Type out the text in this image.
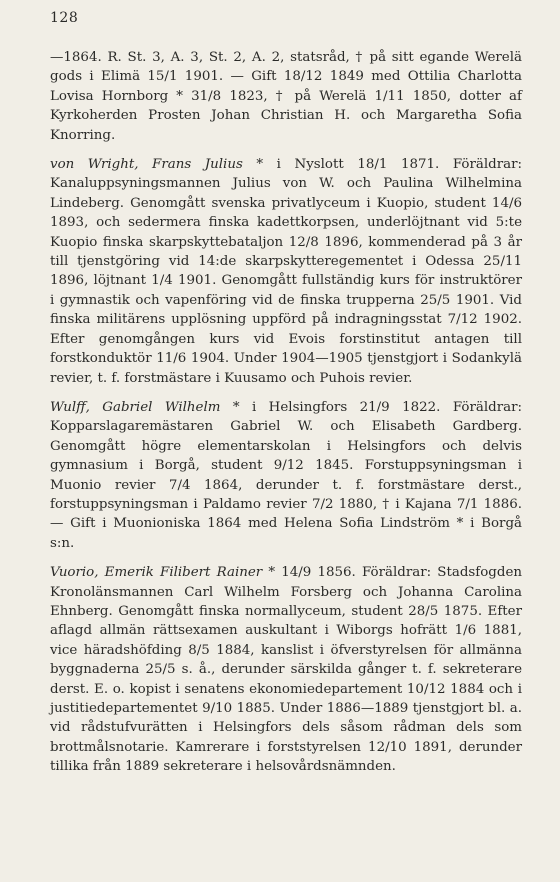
128

—1864. R. St. 3, A. 3, St. 2, A. 2, statsråd, † på sitt egande Werelä gods i Elimä 15/1 1901. — Gift 18/12 1849 med Ottilia Charlotta Lovisa Hornborg * 31/8 1823, † på Werelä 1/11 1850, dotter af Kyrkoherden Prosten Johan Christian H. och Margaretha Sofia Knorring.

von Wright, Frans Julius * i Nyslott 18/1 1871. Föräldrar: Kanaluppsyningsmannen Julius von W. och Paulina Wilhelmina Lindeberg. Genomgått svenska privatlyceum i Kuopio, student 14/6 1893, och sedermera finska kadettkorpsen, underlöjtnant vid 5:te Kuopio finska skarpskyttebataljon 12/8 1896, kommenderad på 3 år till tjenstgöring vid 14:de skarpskytteregementet i Odessa 25/11 1896, löjtnant 1/4 1901. Genomgått fullständig kurs för instruktörer i gymnastik och vapenföring vid de finska trupperna 25/5 1901. Vid finska militärens upplösning uppförd på indragningsstat 7/12 1902. Efter genomgången kurs vid Evois forstinstitut antagen till forstkonduktör 11/6 1904. Under 1904—1905 tjenstgjort i Sodankylä revier, t. f. forstmästare i Kuusamo och Puhois revier.

Wulff, Gabriel Wilhelm * i Helsingfors 21/9 1822. Föräldrar: Kopparslagaremästaren Gabriel W. och Elisabeth Gardberg. Genomgått högre elementarskolan i Helsingfors och delvis gymnasium i Borgå, student 9/12 1845. Forstuppsyningsman i Muonio revier 7/4 1864, derunder t. f. forstmästare derst., forstuppsyningsman i Paldamo revier 7/2 1880, † i Kajana 7/1 1886. — Gift i Muonioniska 1864 med Helena Sofia Lindström * i Borgå s:n.

Vuorio, Emerik Filibert Rainer * 14/9 1856. Föräldrar: Stadsfogden Kronolänsmannen Carl Wilhelm Forsberg och Johanna Carolina Ehnberg. Genomgått finska normallyceum, student 28/5 1875. Efter aflagd allmän rättsexamen auskultant i Wiborgs hofrätt 1/6 1881, vice häradshöfding 8/5 1884, kanslist i öfverstyrelsen för allmänna byggnaderna 25/5 s. å., derunder särskilda gånger t. f. sekreterare derst. E. o. kopist i senatens ekonomiedepartement 10/12 1884 och i justitiedepartementet 9/10 1885. Under 1886—1889 tjenstgjort bl. a. vid rådstufvurätten i Helsingfors dels såsom rådman dels som brottmålsnotarie. Kamrerare i forststyrelsen 12/10 1891, derunder tillika från 1889 sekreterare i helsovårdsnämnden.
